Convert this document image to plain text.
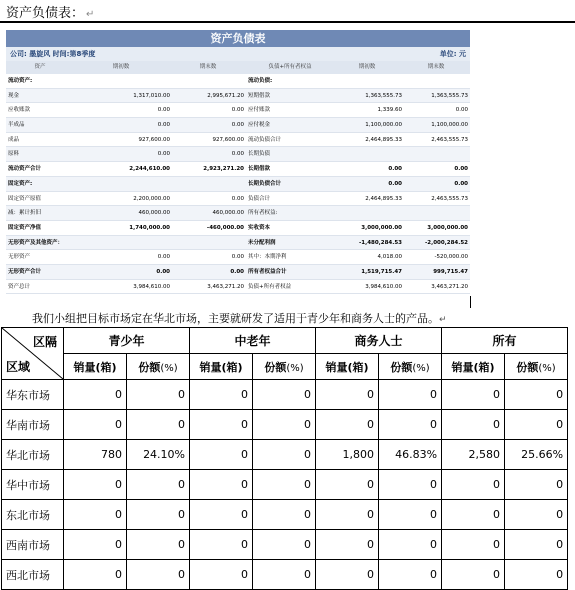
资产负债表： ↵
资产负债表
公司: 墨旋风 时间:第8季度	单位: 元
资产	期初数	期末数	负债+所有者权益	期初数	期末数
流动资产:	流动负债:
现金	1,317,010.00	2,995,671.20 短期借款	1,363,555.73	1,363,555.73
应收账款	0.00	0.00 应付账款	1,339.60	0.00
半成品	0.00	0.00 应付税金	1,100,000.00	1,100,000.00
成品	927,600.00	927,600.00 流动负债合计	2,464,895.33	2,463,555.73
原料	0.00	0.00 长期负债
流动资产合计	2,244,610.00	2,923,271.20 长期借款	0.00	0.00
固定资产:	长期负债合计	0.00	0.00
固定资产原值	2,200,000.00	0.00 负债合计	2,464,895.33	2,463,555.73
减：累计折旧	460,000.00	460,000.00 所有者权益:
固定资产净值	1,740,000.00	-460,000.00 实收资本	3,000,000.00	3,000,000.00
无形资产及其他资产：	未分配利润	-1,480,284.53	-2,000,284.52
无形资产	0.00	0.00 其中：本期净利	4,018.00	-520,000.00
无形资产合计	0.00	0.00 所有者权益合计	1,519,715.47	999,715.47
资产总计	3,984,610.00	3,463,271.20 负债+所有者权益	3,984,610.00	3,463,271.20
我们小组把目标市场定在华北市场，主要就研发了适用于青少年和商务人士的产品。↵
区隔
区域	青少年		中老年		商务人士		所有	
	销量(箱)	份额(%)	销量(箱)	份额(%)	销量(箱)	份额(%)	销量(箱)	份额(%)
华东市场	0	0	0	0	0	0	0	0
华南市场	0	0	0	0	0	0	0	0
华北市场	780	24.10%	0	0	1,800	46.83%	2,580	25.66%
华中市场	0	0	0	0	0	0	0	0
东北市场	0	0	0	0	0	0	0	0
西南市场	0	0	0	0	0	0	0	0
西北市场	0	0	0	0	0	0	0	0
